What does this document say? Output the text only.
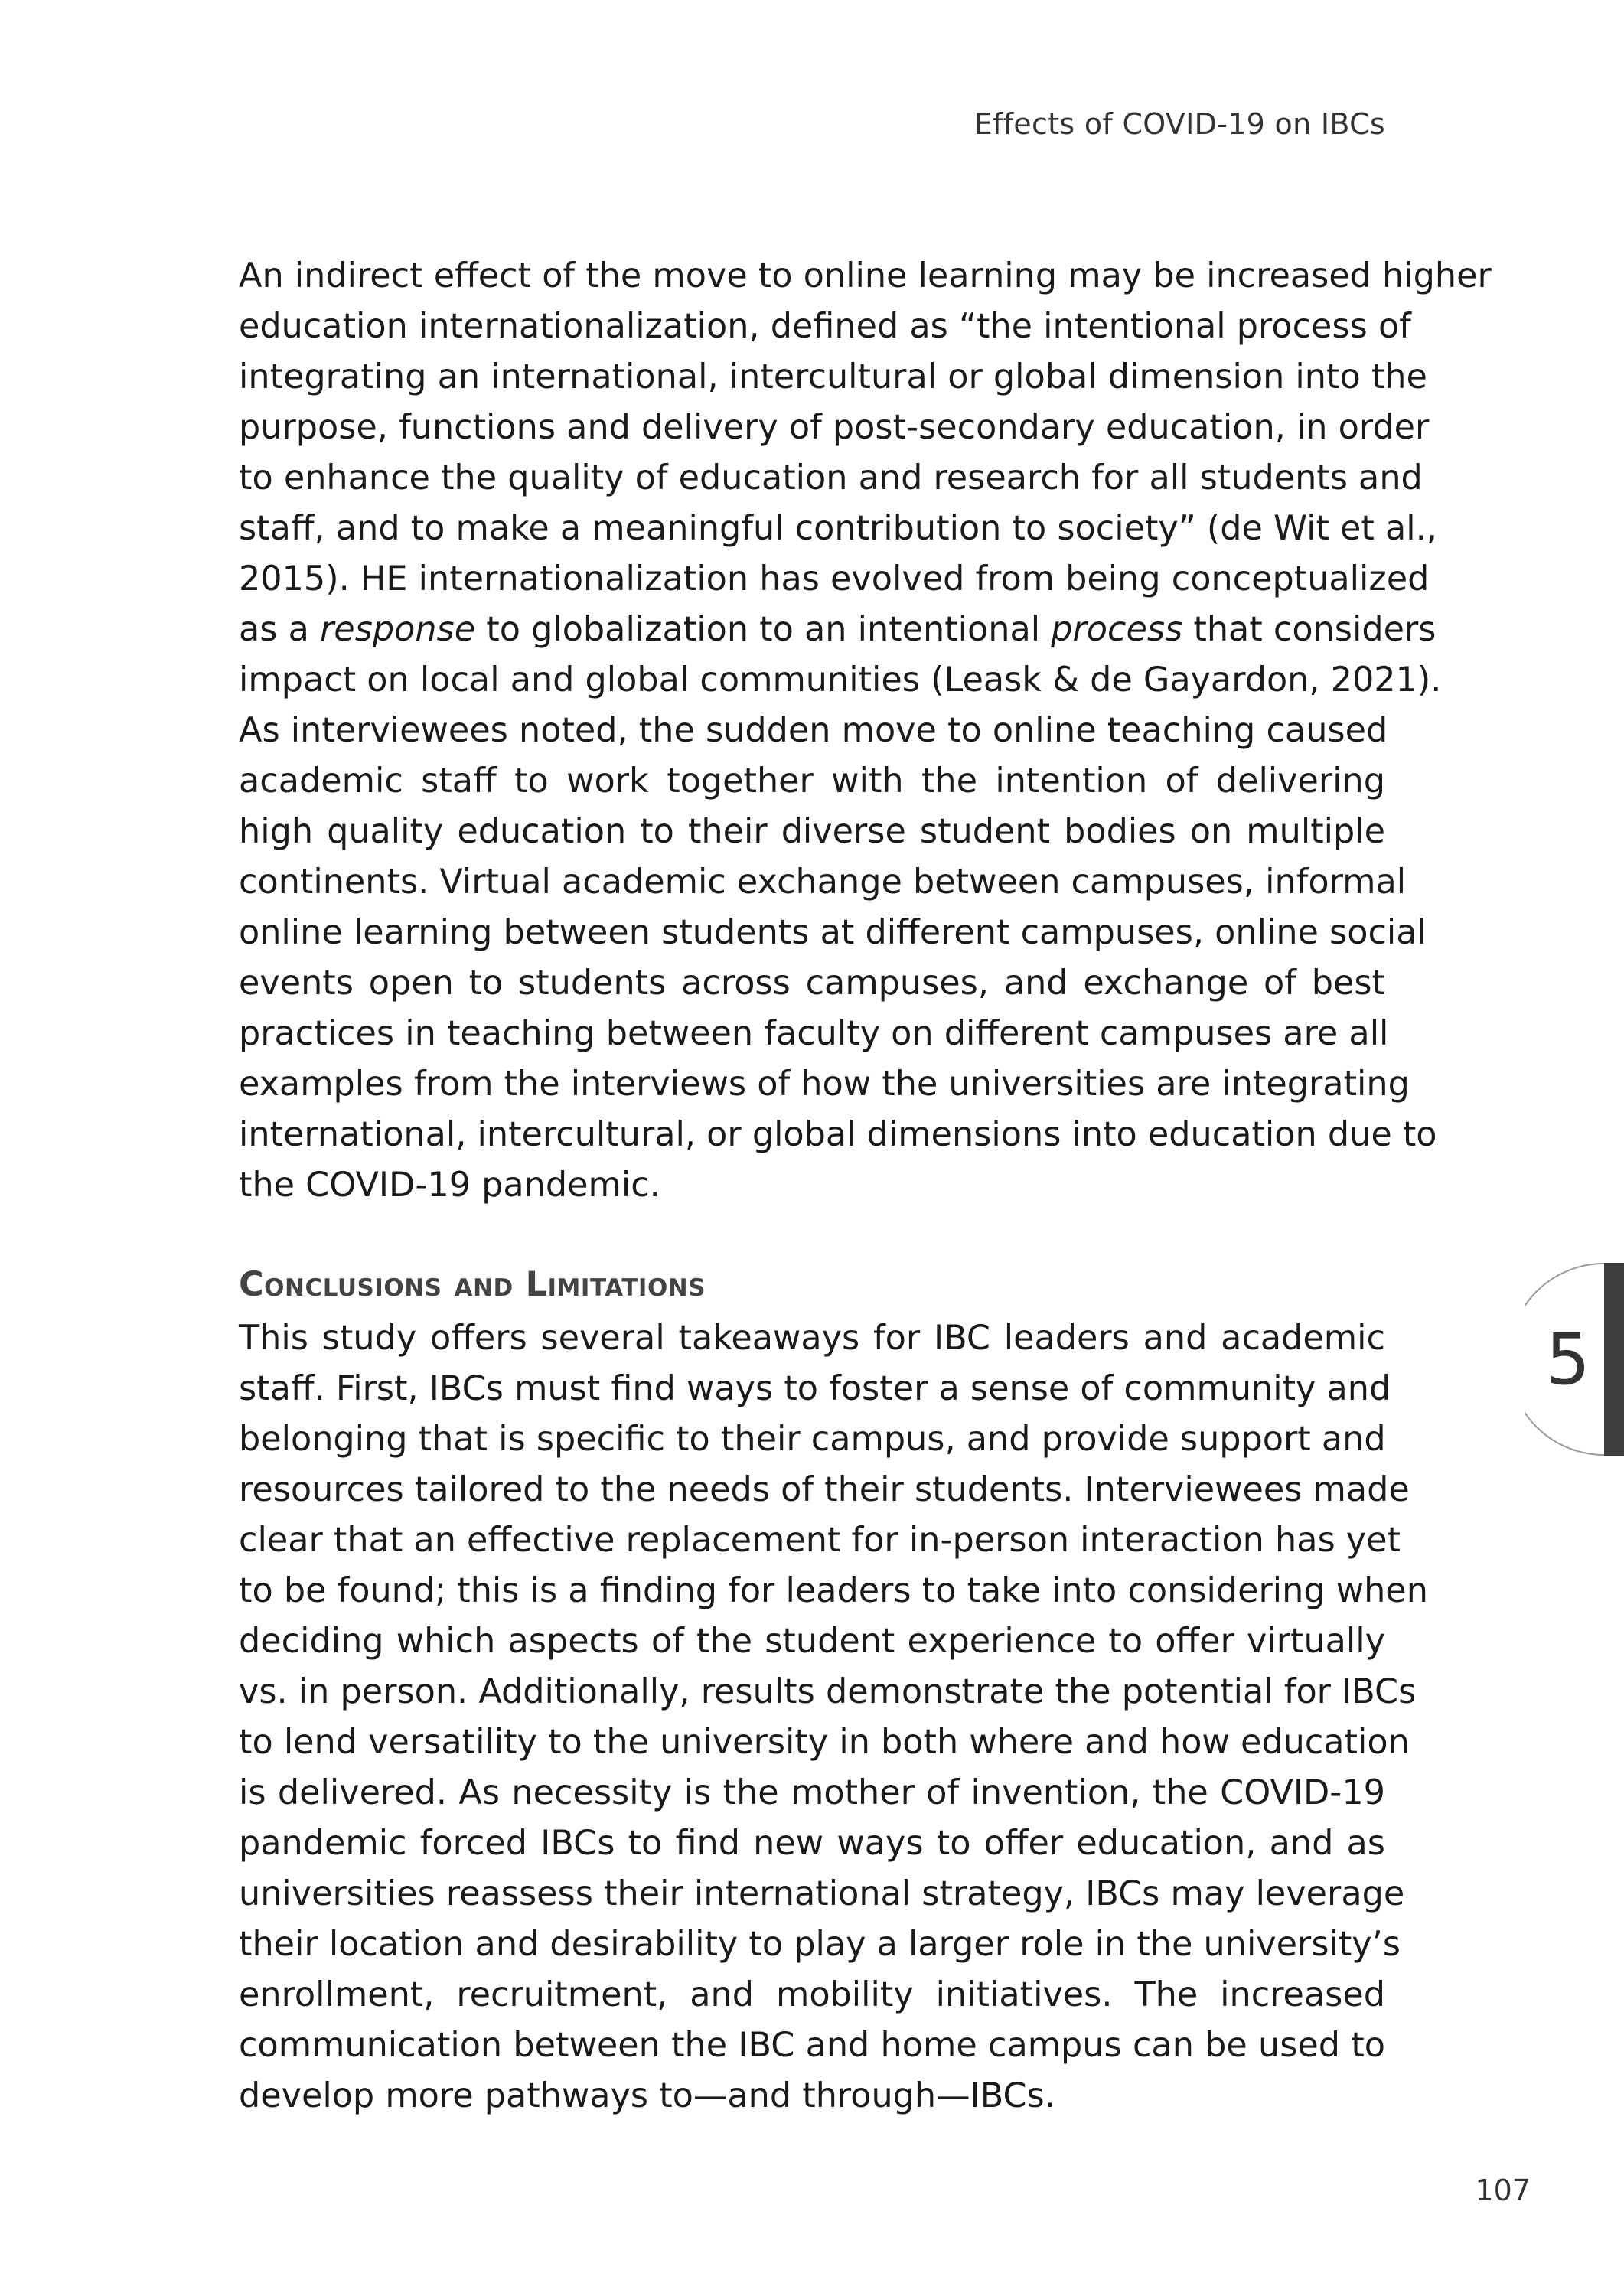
Effects of COVID-19 on IBCs
An indirect effect of the move to online learning may be increased higher
education internationalization, defined as “the intentional process of
integrating an international, intercultural or global dimension into the
purpose, functions and delivery of post-secondary education, in order
to enhance the quality of education and research for all students and
staff, and to make a meaningful contribution to society” (de Wit et al.,
2015). HE internationalization has evolved from being conceptualized
as a response to globalization to an intentional process that considers
impact on local and global communities (Leask & de Gayardon, 2021).
As interviewees noted, the sudden move to online teaching caused
academic staff to work together with the intention of delivering
high quality education to their diverse student bodies on multiple
continents. Virtual academic exchange between campuses, informal
online learning between students at different campuses, online social
events open to students across campuses, and exchange of best
practices in teaching between faculty on different campuses are all
examples from the interviews of how the universities are integrating
international, intercultural, or global dimensions into education due to
the COVID-19 pandemic.
Conclusions and Limitations
This study offers several takeaways for IBC leaders and academic
staff. First, IBCs must find ways to foster a sense of community and
belonging that is specific to their campus, and provide support and
resources tailored to the needs of their students. Interviewees made
clear that an effective replacement for in-person interaction has yet
to be found; this is a finding for leaders to take into considering when
deciding which aspects of the student experience to offer virtually
vs. in person. Additionally, results demonstrate the potential for IBCs
to lend versatility to the university in both where and how education
is delivered. As necessity is the mother of invention, the COVID-19
pandemic forced IBCs to find new ways to offer education, and as
universities reassess their international strategy, IBCs may leverage
their location and desirability to play a larger role in the university’s
enrollment, recruitment, and mobility initiatives. The increased
communication between the IBC and home campus can be used to
develop more pathways to—and through—IBCs.
5
107
